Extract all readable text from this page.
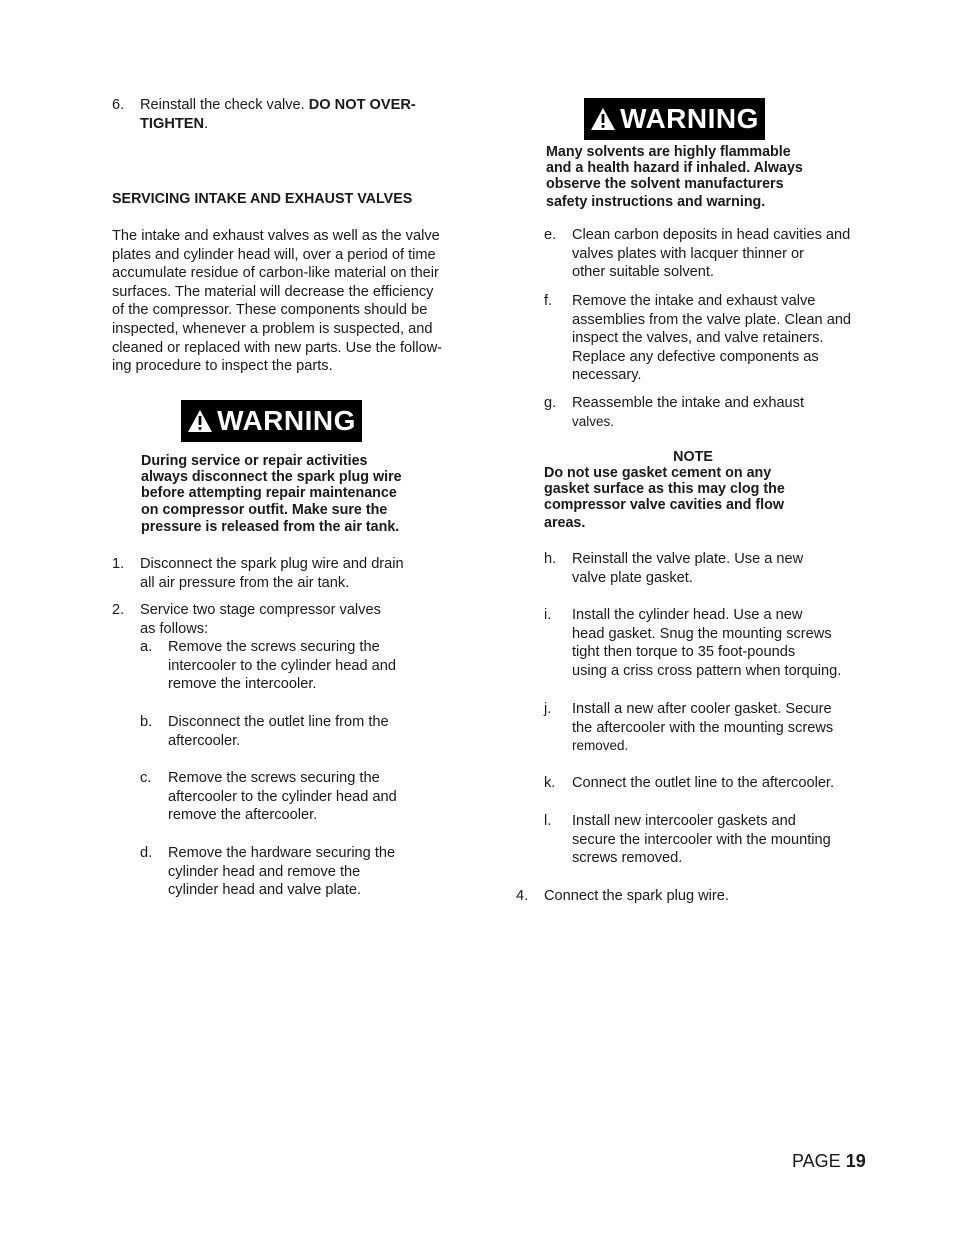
6. Reinstall the check valve. DO NOT OVER-
TIGHTEN.
SERVICING INTAKE AND EXHAUST VALVES
The intake and exhaust valves as well as the valve
plates and cylinder head will, over a period of time
accumulate residue of carbon-like material on their
surfaces. The material will decrease the efficiency
of the compressor. These components should be
inspected, whenever a problem is suspected, and
cleaned or replaced with new parts. Use the follow-
ing procedure to inspect the parts.
WARNING
During service or repair activities
always disconnect the spark plug wire
before attempting repair maintenance
on compressor outfit. Make sure the
pressure is released from the air tank.
1. Disconnect the spark plug wire and drain
all air pressure from the air tank.
2. Service two stage compressor valves
as follows:
a. Remove the screws securing the
intercooler to the cylinder head and
remove the intercooler.
b. Disconnect the outlet line from the
aftercooler.
c. Remove the screws securing the
aftercooler to the cylinder head and
remove the aftercooler.
d. Remove the hardware securing the
cylinder head and remove the
cylinder head and valve plate.
WARNING
Many solvents are highly flammable
and a health hazard if inhaled. Always
observe the solvent manufacturers
safety instructions and warning.
e. Clean carbon deposits in head cavities and
valves plates with lacquer thinner or
other suitable solvent.
f. Remove the intake and exhaust valve
assemblies from the valve plate. Clean and
inspect the valves, and valve retainers.
Replace any defective components as
necessary.
g. Reassemble the intake and exhaust
valves.
NOTE
Do not use gasket cement on any
gasket surface as this may clog the
compressor valve cavities and flow
areas.
h. Reinstall the valve plate. Use a new
valve plate gasket.
i. Install the cylinder head. Use a new
head gasket. Snug the mounting screws
tight then torque to 35 foot-pounds
using a criss cross pattern when torquing.
j. Install a new after cooler gasket. Secure
the aftercooler with the mounting screws
removed.
k. Connect the outlet line to the aftercooler.
l. Install new intercooler gaskets and
secure the intercooler with the mounting
screws removed.
4. Connect the spark plug wire.
PAGE 19
